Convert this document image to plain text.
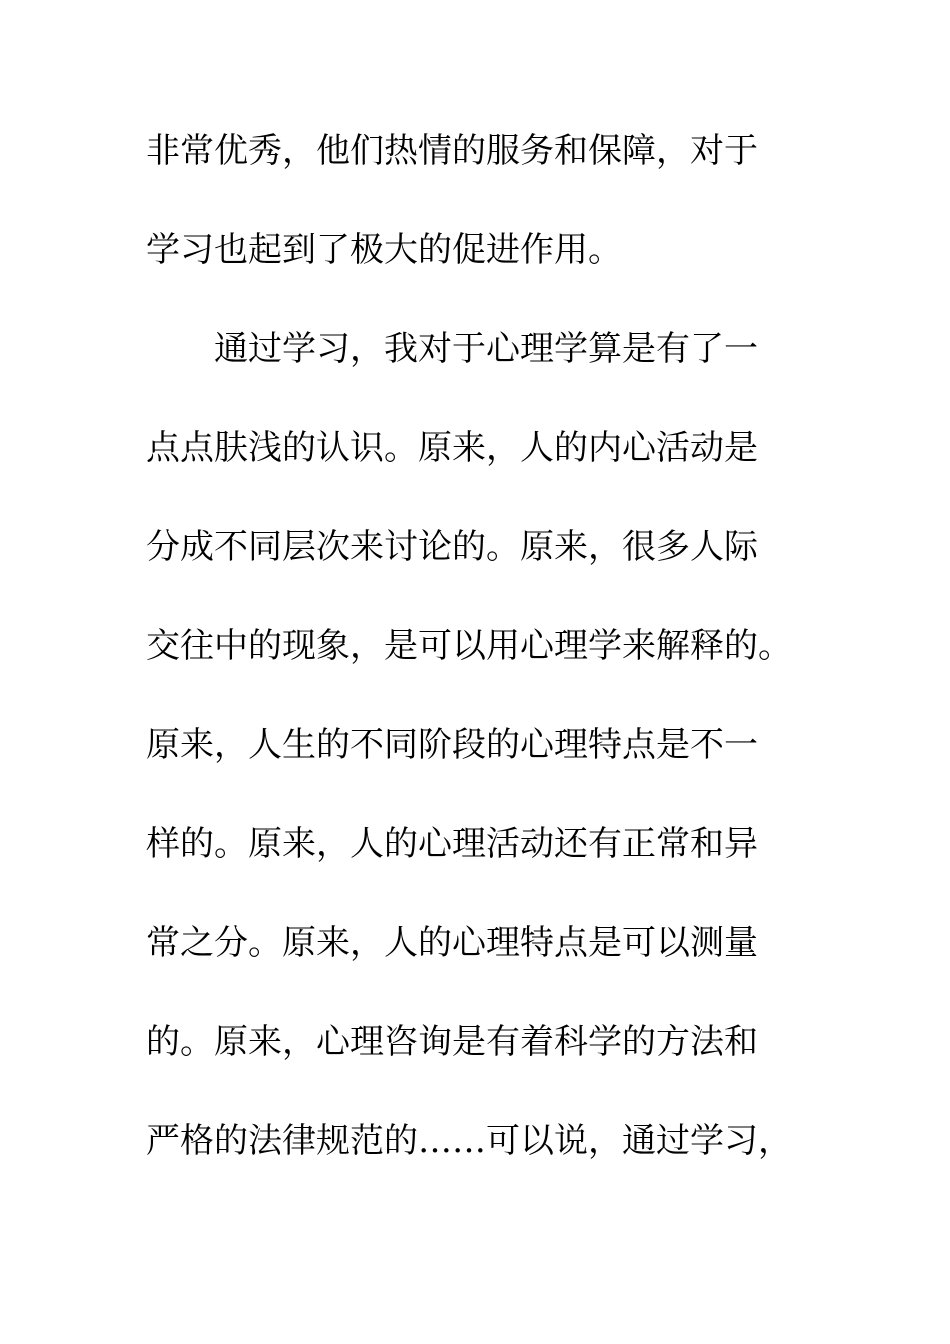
非常优秀，他们热情的服务和保障，对于
学习也起到了极大的促进作用。
通过学习，我对于心理学算是有了一
点点肤浅的认识。原来，人的内心活动是
分成不同层次来讨论的。原来，很多人际
交往中的现象，是可以用心理学来解释的。
原来，人生的不同阶段的心理特点是不一
样的。原来，人的心理活动还有正常和异
常之分。原来，人的心理特点是可以测量
的。原来，心理咨询是有着科学的方法和
严格的法律规范的……可以说，通过学习，
